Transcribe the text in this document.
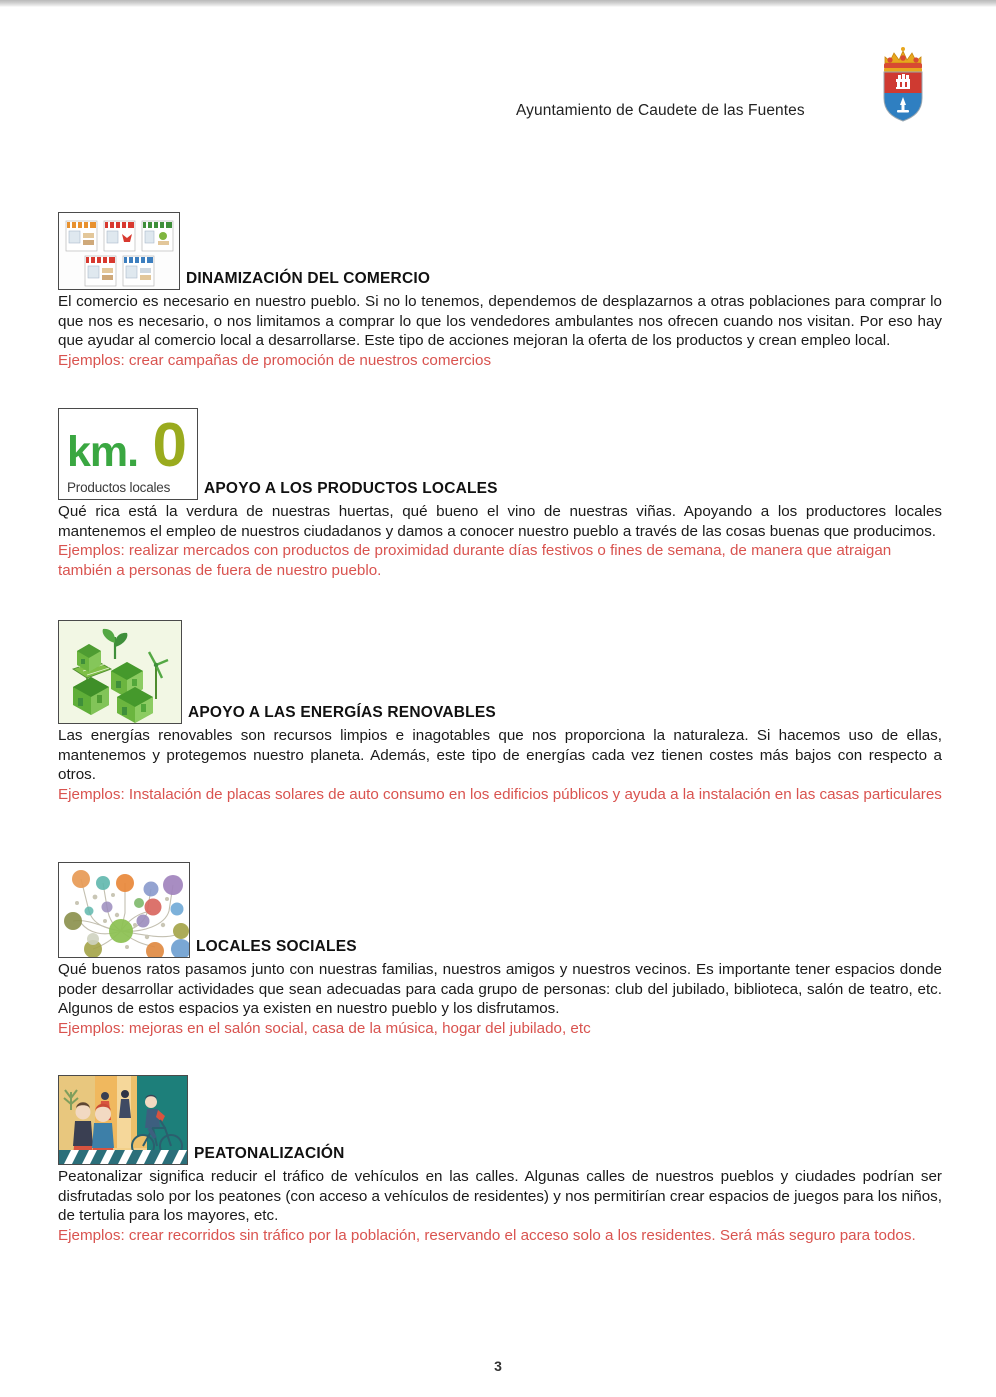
Ayuntamiento de Caudete de las Fuentes
DINAMIZACIÓN DEL COMERCIO
El comercio es necesario en nuestro pueblo. Si no lo tenemos, dependemos de desplazarnos a otras poblaciones para comprar lo que nos es necesario, o nos limitamos a comprar lo que los vendedores ambulantes nos ofrecen cuando nos visitan. Por eso hay que ayudar al comercio local a desarrollarse. Este tipo de acciones mejoran la oferta de los productos y crean empleo local.
Ejemplos: crear campañas de promoción de nuestros comercios
km. 0
Productos locales APOYO A LOS PRODUCTOS LOCALES
Qué rica está la verdura de nuestras huertas, qué bueno el vino de nuestras viñas. Apoyando a los productores locales mantenemos el empleo de nuestros ciudadanos y damos a conocer nuestro pueblo a través de las cosas buenas que producimos.
Ejemplos: realizar mercados con productos de proximidad durante días festivos o fines de semana, de manera que atraigan también a personas de fuera de nuestro pueblo.
APOYO A LAS ENERGÍAS RENOVABLES
Las energías renovables son recursos limpios e inagotables que nos proporciona la naturaleza. Si hacemos uso de ellas, mantenemos y protegemos nuestro planeta. Además, este tipo de energías cada vez tienen costes más bajos con respecto a otros.
Ejemplos: Instalación de placas solares de auto consumo en los edificios públicos y ayuda a la instalación en las casas particulares
LOCALES SOCIALES
Qué buenos ratos pasamos junto con nuestras familias, nuestros amigos y nuestros vecinos. Es importante tener espacios donde poder desarrollar actividades que sean adecuadas para cada grupo de personas: club del jubilado, biblioteca, salón de teatro, etc. Algunos de estos espacios ya existen en nuestro pueblo y los disfrutamos.
Ejemplos: mejoras en el salón social, casa de la música, hogar del jubilado, etc
PEATONALIZACIÓN
Peatonalizar significa reducir el tráfico de vehículos en las calles. Algunas calles de nuestros pueblos y ciudades podrían ser disfrutadas solo por los peatones (con acceso a vehículos de residentes) y nos permitirían crear espacios de juegos para los niños, de tertulia para los mayores, etc.
Ejemplos: crear recorridos sin tráfico por la población, reservando el acceso solo a los residentes. Será más seguro para todos.
3
